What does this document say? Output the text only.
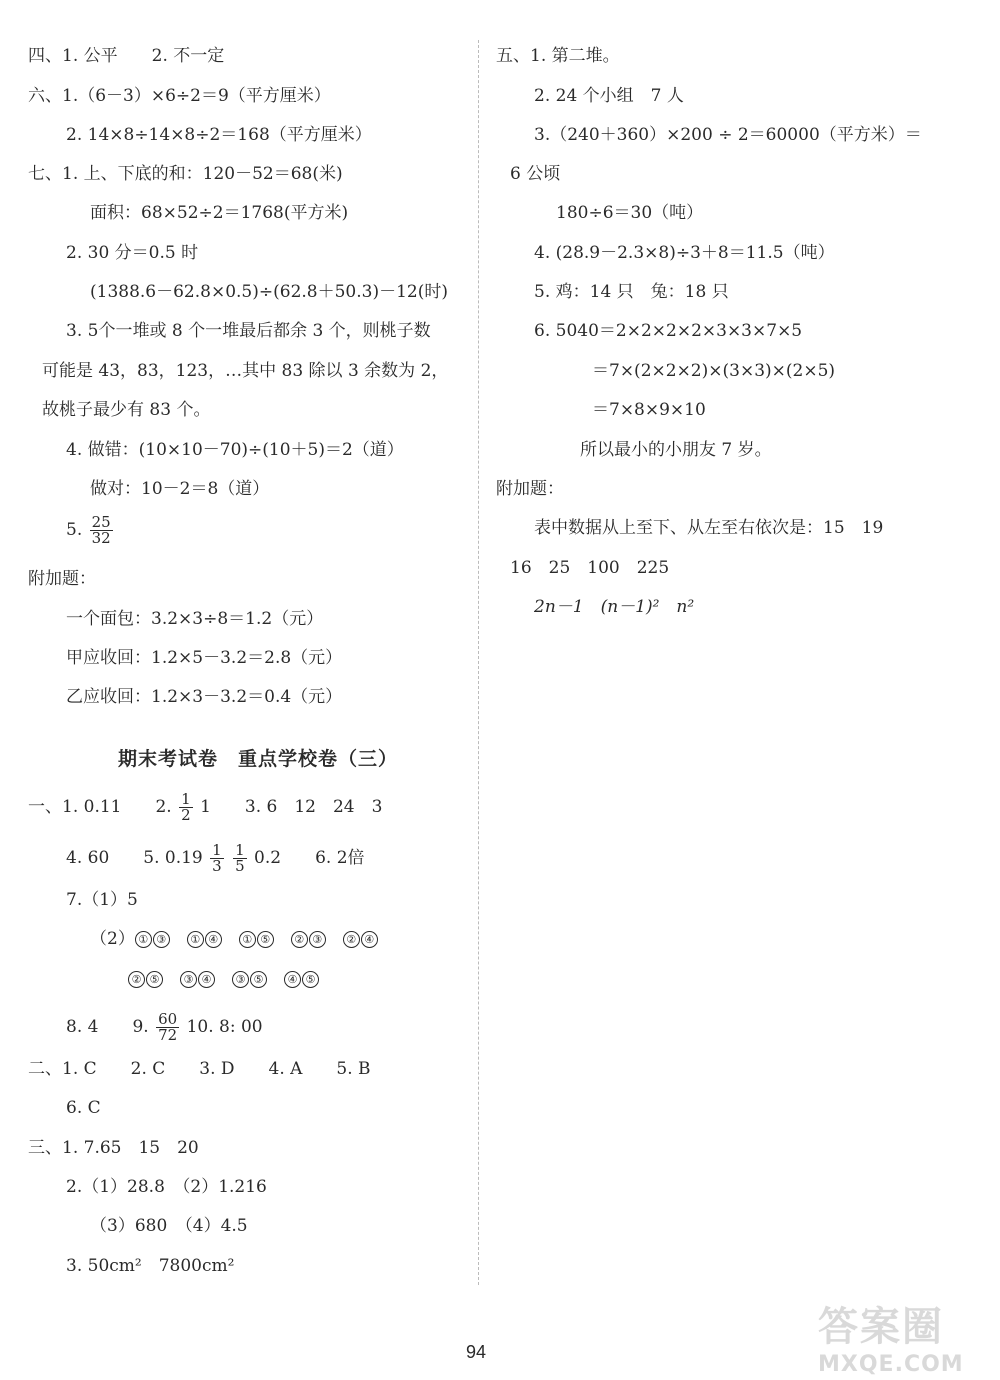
四、1. 公平　　2. 不一定
六、1.（6－3）×6÷2＝9（平方厘米）
2. 14×8÷14×8÷2＝168（平方厘米）
七、1. 上、下底的和：120－52＝68(米)
面积：68×52÷2＝1768(平方米)
2. 30 分＝0.5 时
(1388.6－62.8×0.5)÷(62.8＋50.3)－12(时)
3. 5个一堆或 8 个一堆最后都余 3 个，则桃子数
可能是 43，83，123，…其中 83 除以 3 余数为 2，
故桃子最少有 83 个。
4. 做错：(10×10－70)÷(10＋5)＝2（道）
做对：10－2＝8（道）
5. $\frac{25}{32}$
附加题：
一个面包：3.2×3÷8＝1.2（元）
甲应收回：1.2×5－3.2＝2.8（元）
乙应收回：1.2×3－3.2＝0.4（元）
期末考试卷　重点学校卷（三）
一、1. 0.11　　2. $\frac{1}{2} 1$　　3. 6　12　24　3
4. 60　　5. $0.19 \frac{1}{3}$
$\frac{1}{5} 0.2$　　6. 2倍
7.（1）5
（2） ① ③ ① ④ ① ⑤ ② ③ ② ④
② ⑤ ③ ④ ③ ⑤ ④ ⑤
8. 4　　9. $\frac{60}{72} 10$. 8: 00
二、1. C　　2. C　　3. D　　4. A　　5. B
6. C
三、1. 7.65　15　20
2.（1）28.8　（2）1.216
（3）680　（4）4.5
3. 50cm²　7800cm²
五、1. 第二堆。
2. 24 个小组　7 人
3.（240＋360）×200 ÷ 2＝60000（平方米）＝
6 公顷
180÷6＝30（吨）
4. (28.9－2.3×8)÷3＋8＝11.5（吨）
5. 鸡：14 只　兔：18 只
6. 5040＝2×2×2×2×3×3×7×5
＝7×(2×2×2)×(3×3)×(2×5)
＝7×8×9×10
所以最小的小朋友 7 岁。
附加题：
表中数据从上至下、从左至右依次是：15　19
16　25　100　225
2n－1　(n－1)²　n²
94
答案圈
MXQE.COM
